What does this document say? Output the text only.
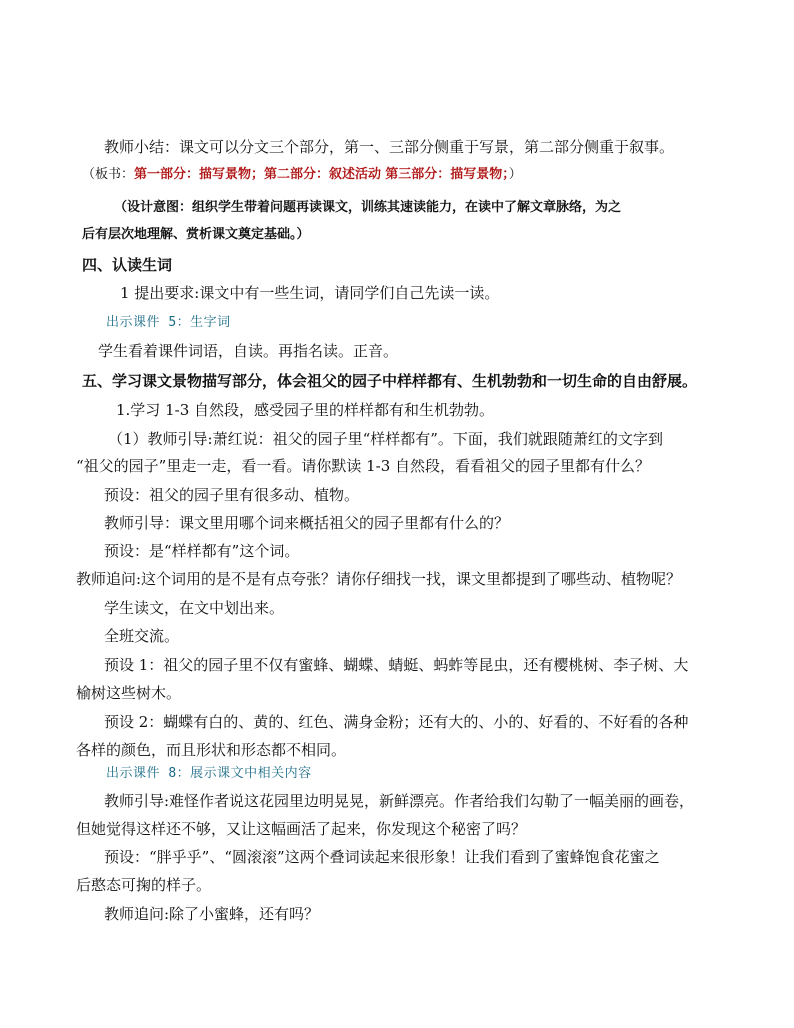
教师小结：课文可以分文三个部分，第一、三部分侧重于写景，第二部分侧重于叙事。
（板书：第一部分：描写景物；第二部分：叙述活动 第三部分：描写景物；）
（设计意图：组织学生带着问题再读课文，训练其速读能力，在读中了解文章脉络，为之
后有层次地理解、赏析课文奠定基础。）
四、认读生词
1 提出要求:课文中有一些生词，请同学们自己先读一读。
出示课件 5：生字词
学生看着课件词语，自读。再指名读。正音。
五、学习课文景物描写部分，体会祖父的园子中样样都有、生机勃勃和一切生命的自由舒展。
1.学习 1-3 自然段，感受园子里的样样都有和生机勃勃。
（1）教师引导:萧红说：祖父的园子里“样样都有”。下面，我们就跟随萧红的文字到
“祖父的园子”里走一走，看一看。请你默读 1-3 自然段，看看祖父的园子里都有什么？
预设：祖父的园子里有很多动、植物。
教师引导：课文里用哪个词来概括祖父的园子里都有什么的？
预设：是“样样都有”这个词。
教师追问:这个词用的是不是有点夸张？请你仔细找一找，课文里都提到了哪些动、植物呢？
学生读文，在文中划出来。
全班交流。
预设 1：祖父的园子里不仅有蜜蜂、蝴蝶、蜻蜓、蚂蚱等昆虫，还有樱桃树、李子树、大
榆树这些树木。
预设 2：蝴蝶有白的、黄的、红色、满身金粉；还有大的、小的、好看的、不好看的各种
各样的颜色，而且形状和形态都不相同。
出示课件 8：展示课文中相关内容
教师引导:难怪作者说这花园里边明晃晃，新鲜漂亮。作者给我们勾勒了一幅美丽的画卷，
但她觉得这样还不够，又让这幅画活了起来，你发现这个秘密了吗？
预设：“胖乎乎”、“圆滚滚”这两个叠词读起来很形象！让我们看到了蜜蜂饱食花蜜之
后憨态可掬的样子。
教师追问:除了小蜜蜂，还有吗？
